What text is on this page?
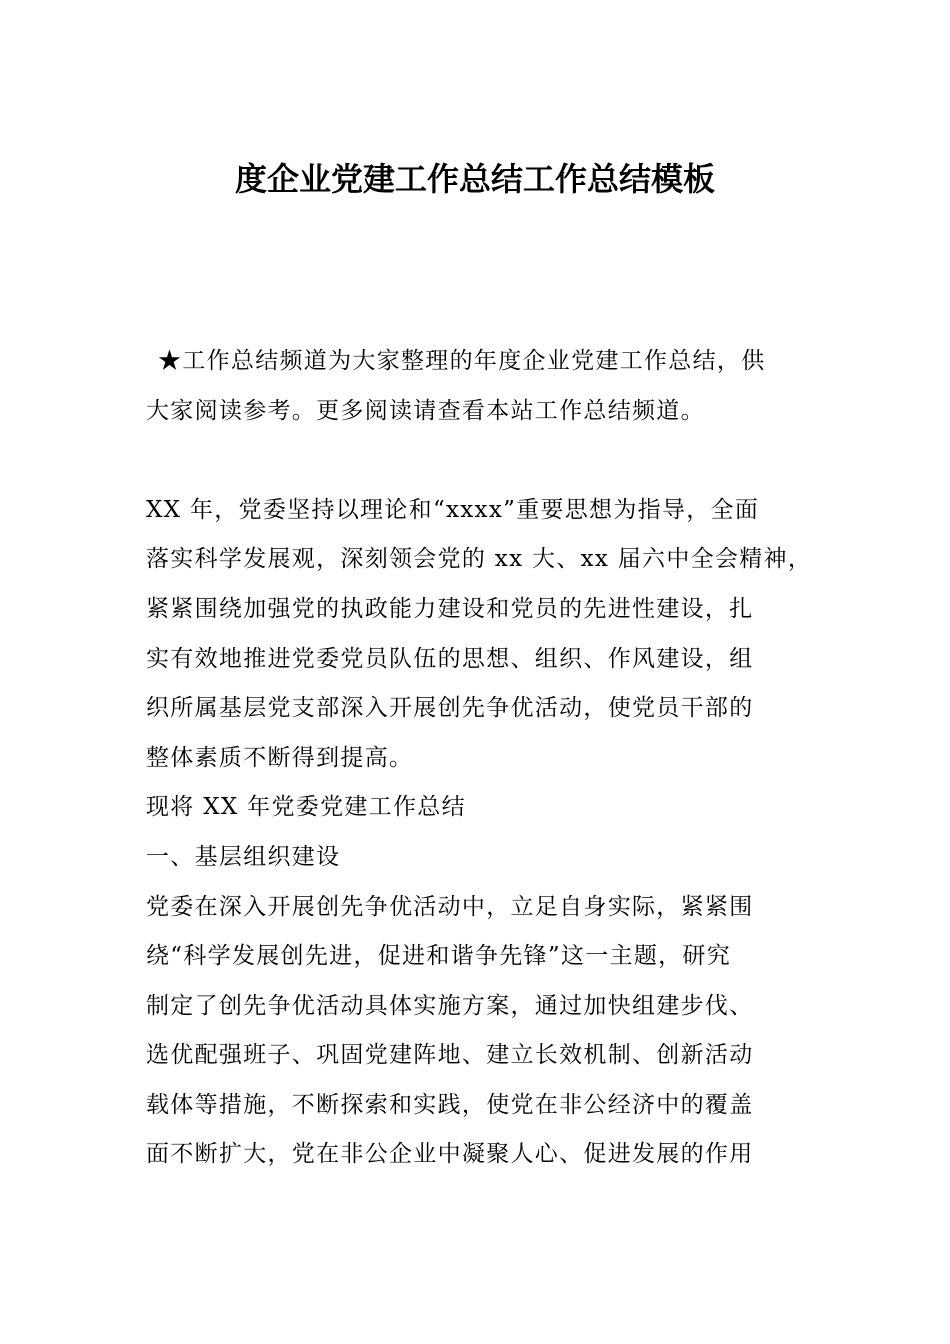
度企业党建工作总结工作总结模板
★工作总结频道为大家整理的年度企业党建工作总结，供
大家阅读参考。更多阅读请查看本站工作总结频道。
XX 年，党委坚持以理论和“xxxx”重要思想为指导，全面
落实科学发展观，深刻领会党的 xx 大、xx 届六中全会精神，
紧紧围绕加强党的执政能力建设和党员的先进性建设，扎
实有效地推进党委党员队伍的思想、组织、作风建设，组
织所属基层党支部深入开展创先争优活动，使党员干部的
整体素质不断得到提高。
现将 XX 年党委党建工作总结
一、基层组织建设
党委在深入开展创先争优活动中，立足自身实际，紧紧围
绕“科学发展创先进，促进和谐争先锋”这一主题，研究
制定了创先争优活动具体实施方案，通过加快组建步伐、
选优配强班子、巩固党建阵地、建立长效机制、创新活动
载体等措施，不断探索和实践，使党在非公经济中的覆盖
面不断扩大，党在非公企业中凝聚人心、促进发展的作用
